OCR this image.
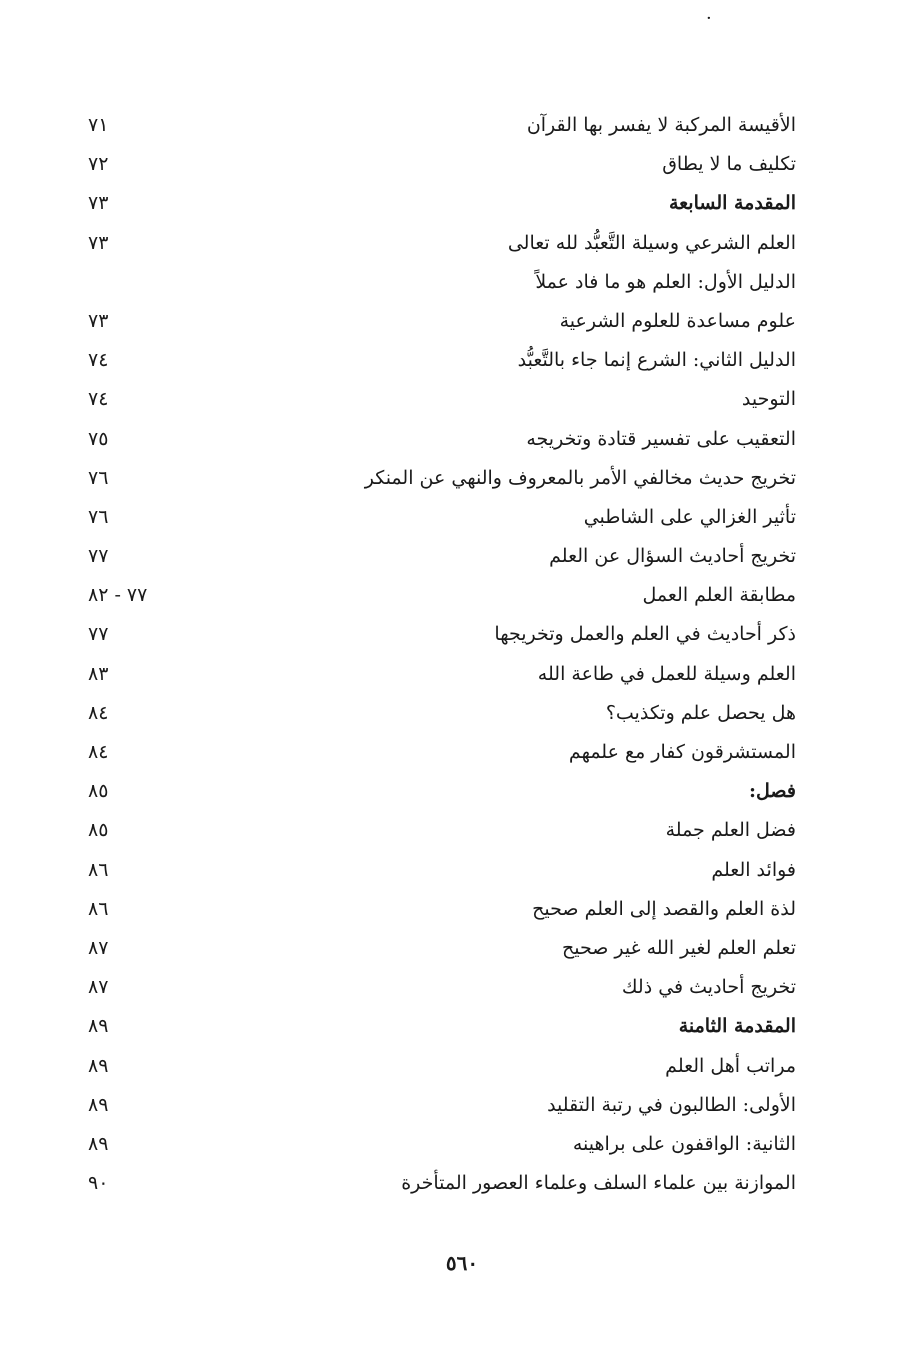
·
الأقيسة المركبة لا يفسر بها القرآن
٧١
تكليف ما لا يطاق
٧٢
المقدمة السابعة
٧٣
العلم الشرعي وسيلة التَّعبُّد لله تعالى
٧٣
الدليل الأول: العلم هو ما فاد عملاً
علوم مساعدة للعلوم الشرعية
٧٣
الدليل الثاني: الشرع إنما جاء بالتَّعبُّد
٧٤
التوحيد
٧٤
التعقيب على تفسير قتادة وتخريجه
٧٥
تخريج حديث مخالفي الأمر بالمعروف والنهي عن المنكر
٧٦
تأثير الغزالي على الشاطبي
٧٦
تخريج أحاديث السؤال عن العلم
٧٧
مطابقة العلم العمل
٧٧ - ٨٢
ذكر أحاديث في العلم والعمل وتخريجها
٧٧
العلم وسيلة للعمل في طاعة الله
٨٣
هل يحصل علم وتكذيب؟
٨٤
المستشرقون كفار مع علمهم
٨٤
فصل:
٨٥
فضل العلم جملة
٨٥
فوائد العلم
٨٦
لذة العلم والقصد إلى العلم صحيح
٨٦
تعلم العلم لغير الله غير صحيح
٨٧
تخريج أحاديث في ذلك
٨٧
المقدمة الثامنة
٨٩
مراتب أهل العلم
٨٩
الأولى: الطالبون في رتبة التقليد
٨٩
الثانية: الواقفون على براهينه
٨٩
الموازنة بين علماء السلف وعلماء العصور المتأخرة
٩٠
٥٦٠
